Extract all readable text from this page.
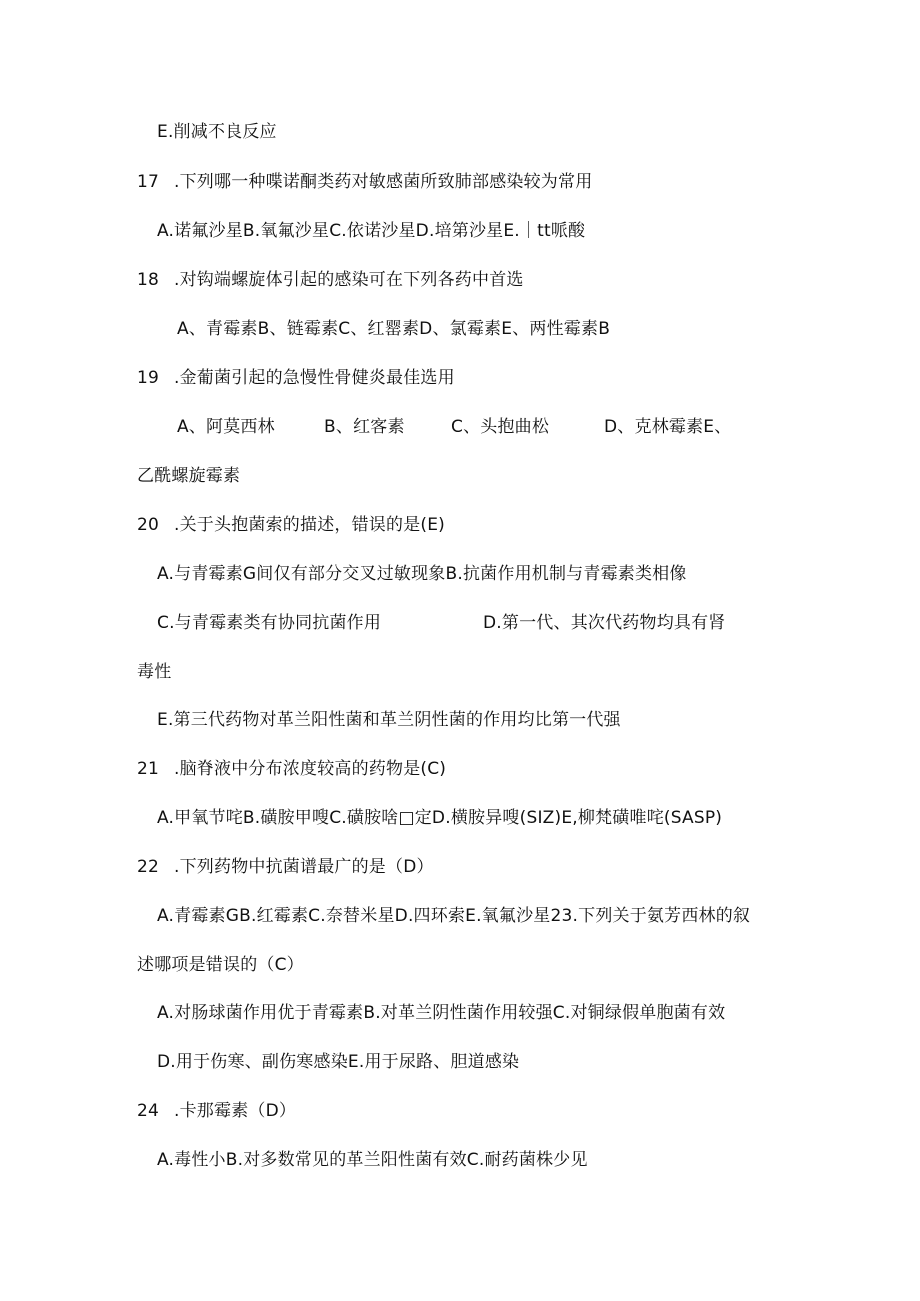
E.削减不良反应
17 .下列哪一种喋诺酮类药对敏感菌所致肺部感染较为常用
A.诺氟沙星B.氧氟沙星C.依诺沙星D.培第沙星E.｜tt哌酸
18 .对钩端螺旋体引起的感染可在下列各药中首选
A、青霉素B、链霉素C、红罂素D、氯霉素E、两性霉素B
19 .金葡菌引起的急慢性骨健炎最佳选用
A、阿莫西林	B、红客素	C、头抱曲松	D、克林霉素E、
乙酰螺旋霉素
20 .关于头抱菌索的描述，错误的是(E)
A.与青霉素G间仅有部分交叉过敏现象B.抗菌作用机制与青霉素类相像
C.与青霉素类有协同抗菌作用	D.第一代、其次代药物均具有肾
毒性
E.第三代药物对革兰阳性菌和革兰阴性菌的作用均比第一代强
21 .脑脊液中分布浓度较高的药物是(C)
A.甲氧节咤B.磺胺甲嗖C.磺胺啥□定D.横胺异嗖(SIZ)E,柳梵磺唯咤(SASP)
22 .下列药物中抗菌谱最广的是（D）
A.青霉素GB.红霉素C.奈替米星D.四环索E.氧氟沙星23.下列关于氨芳西林的叙
述哪项是错误的（C）
A.对肠球菌作用优于青霉素B.对革兰阴性菌作用较强C.对铜绿假单胞菌有效
D.用于伤寒、副伤寒感染E.用于尿路、胆道感染
24 .卡那霉素（D）
A.毒性小B.对多数常见的革兰阳性菌有效C.耐药菌株少见
